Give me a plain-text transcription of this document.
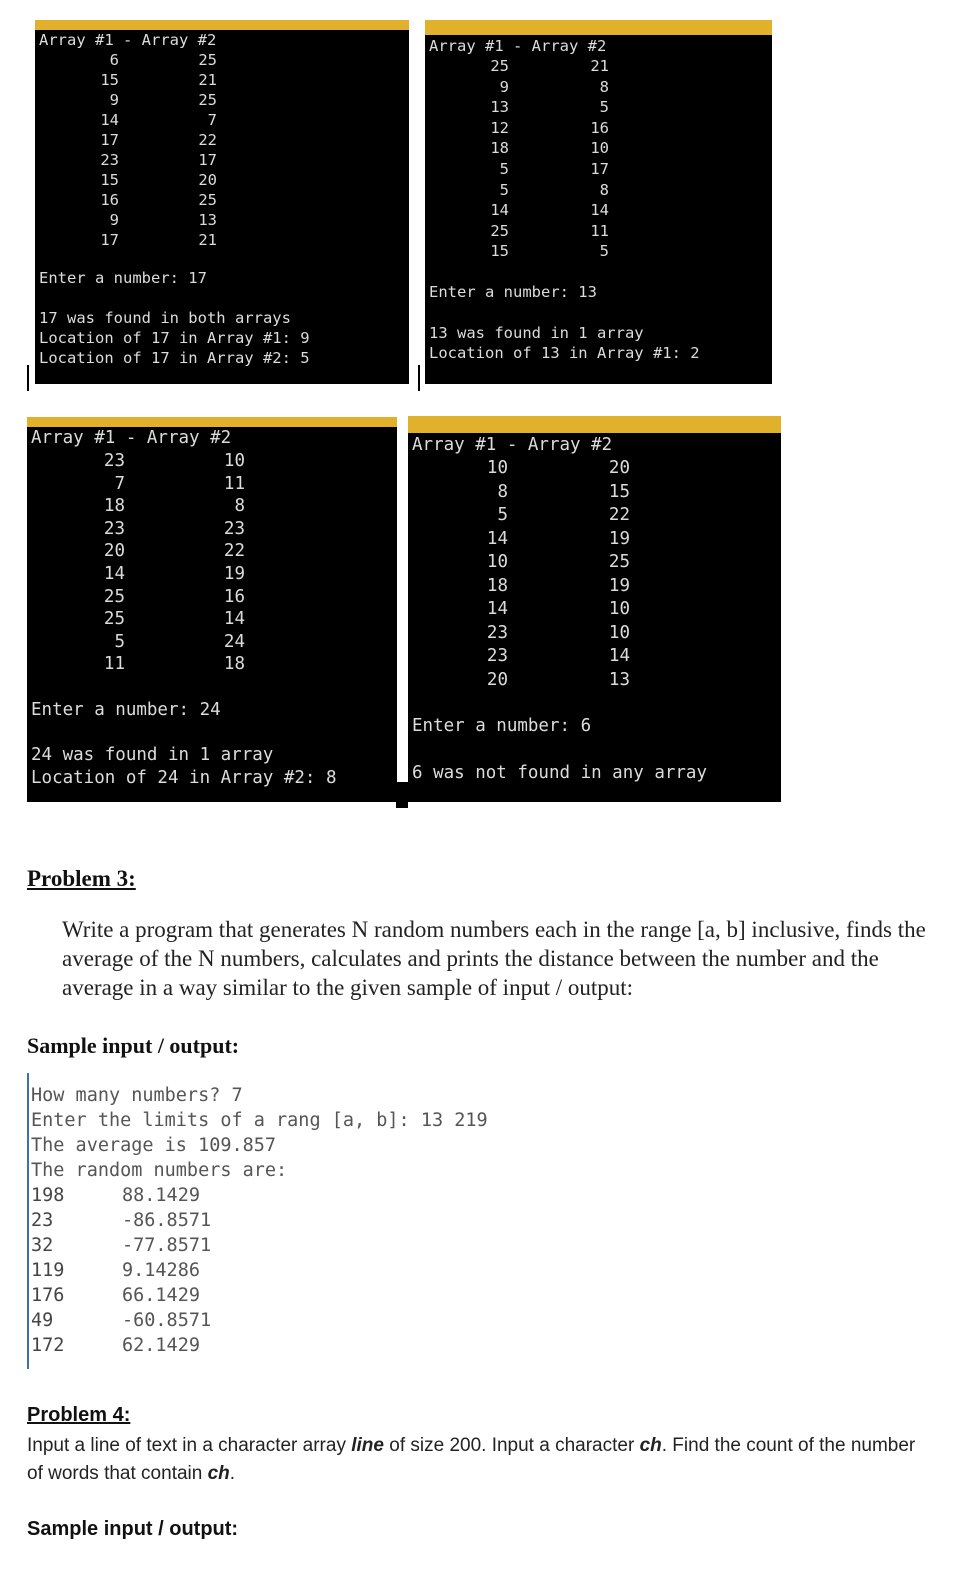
Array #1 - Array #2
6	25
15	21
9	25
14	7
17	22
23	17
15	20
16	25
9	13
17	21
Enter a number: 17
17 was found in both arrays
Location of 17 in Array #1: 9
Location of 17 in Array #2: 5
Array #1 - Array #2
25	21
9	8
13	5
12	16
18	10
5	17
5	8
14	14
25	11
15	5
Enter a number: 13
13 was found in 1 array
Location of 13 in Array #1: 2
Array #1 - Array #2
23	10
7	11
18	8
23	23
20	22
14	19
25	16
25	14
5	24
11	18
Enter a number: 24
24 was found in 1 array
Location of 24 in Array #2: 8
Array #1 - Array #2
10	20
8	15
5	22
14	19
10	25
18	19
14	10
23	10
23	14
20	13
Enter a number: 6
6 was not found in any array
Problem 3:
Write a program that generates N random numbers each in the range [a, b] inclusive, finds the average of the N numbers, calculates and prints the distance between the number and the average in a way similar to the given sample of input / output:
Sample input / output:
How many numbers? 7
Enter the limits of a rang [a, b]: 13 219
The average is 109.857
The random numbers are:
198	88.1429
23	-86.8571
32	-77.8571
119	9.14286
176	66.1429
49	-60.8571
172	62.1429
Problem 4:
Input a line of text in a character array line of size 200. Input a character ch. Find the count of the number of words that contain ch.
Sample input / output:
